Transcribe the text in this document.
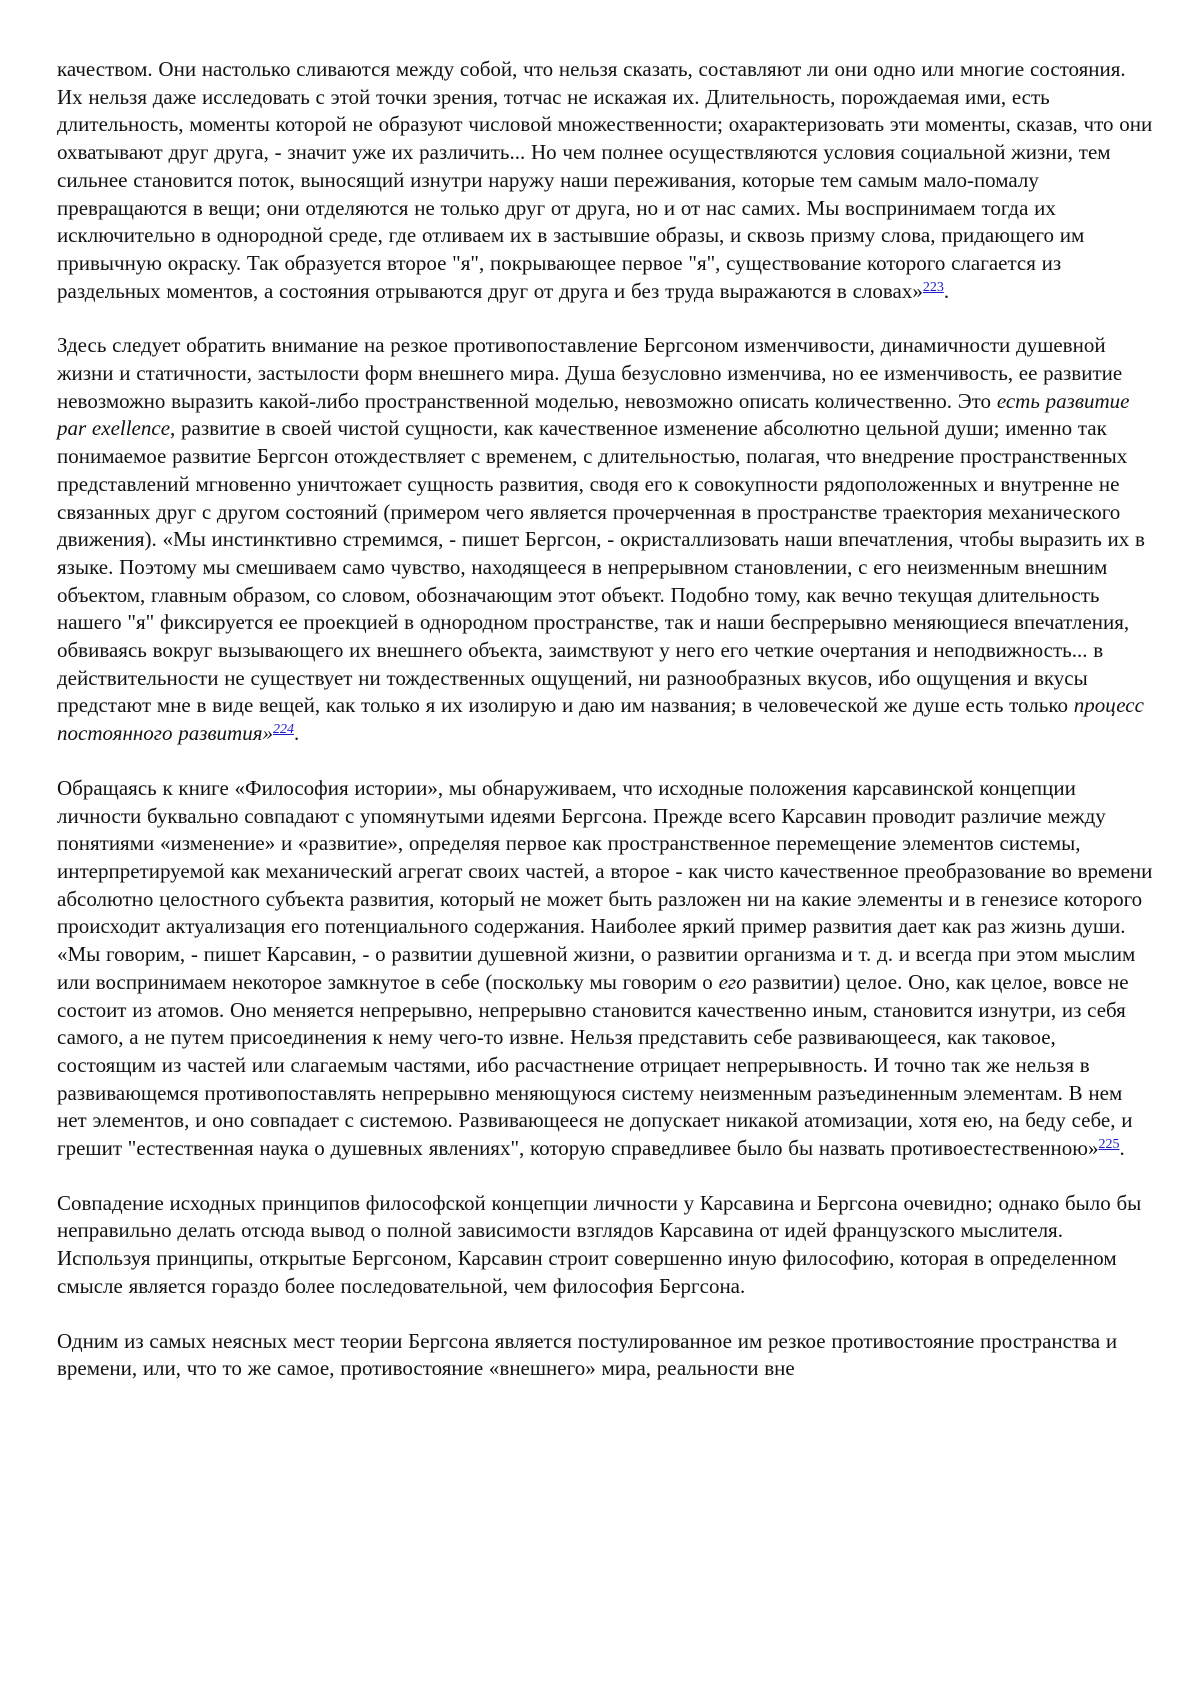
качеством. Они настолько сливаются между собой, что нельзя сказать, составляют ли они одно или многие состояния. Их нельзя даже исследовать с этой точки зрения, тотчас не искажая их. Длительность, порождаемая ими, есть длительность, моменты которой не образуют числовой множественности; охарактеризовать эти моменты, сказав, что они охватывают друг друга, - значит уже их различить... Но чем полнее осуществляются условия социальной жизни, тем сильнее становится поток, выносящий изнутри наружу наши переживания, которые тем самым мало-помалу превращаются в вещи; они отделяются не только друг от друга, но и от нас самих. Мы воспринимаем тогда их исключительно в однородной среде, где отливаем их в застывшие образы, и сквозь призму слова, придающего им привычную окраску. Так образуется второе "я", покрывающее первое "я", существование которого слагается из раздельных моментов, а состояния отрываются друг от друга и без труда выражаются в словах»$^{223}$.

Здесь следует обратить внимание на резкое противопоставление Бергсоном изменчивости, динамичности душевной жизни и статичности, застылости форм внешнего мира. Душа безусловно изменчива, но ее изменчивость, ее развитие невозможно выразить какой-либо пространственной моделью, невозможно описать количественно. Это есть развитие par exellence, развитие в своей чистой сущности, как качественное изменение абсолютно цельной души; именно так понимаемое развитие Бергсон отождествляет с временем, с длительностью, полагая, что внедрение пространственных представлений мгновенно уничтожает сущность развития, сводя его к совокупности рядоположенных и внутренне не связанных друг с другом состояний (примером чего является прочерченная в пространстве траектория механического движения). «Мы инстинктивно стремимся, - пишет Бергсон, - окристаллизовать наши впечатления, чтобы выразить их в языке. Поэтому мы смешиваем само чувство, находящееся в непрерывном становлении, с его неизменным внешним объектом, главным образом, со словом, обозначающим этот объект. Подобно тому, как вечно текущая длительность нашего "я" фиксируется ее проекцией в однородном пространстве, так и наши беспрерывно меняющиеся впечатления, обвиваясь вокруг вызывающего их внешнего объекта, заимствуют у него его четкие очертания и неподвижность... в действительности не существует ни тождественных ощущений, ни разнообразных вкусов, ибо ощущения и вкусы предстают мне в виде вещей, как только я их изолирую и даю им названия; в человеческой же душе есть только процесс постоянного развития»$^{224}$.

Обращаясь к книге «Философия истории», мы обнаруживаем, что исходные положения карсавинской концепции личности буквально совпадают с упомянутыми идеями Бергсона. Прежде всего Карсавин проводит различие между понятиями «изменение» и «развитие», определяя первое как пространственное перемещение элементов системы, интерпретируемой как механический агрегат своих частей, а второе - как чисто качественное преобразование во времени абсолютно целостного субъекта развития, который не может быть разложен ни на какие элементы и в генезисе которого происходит актуализация его потенциального содержания. Наиболее яркий пример развития дает как раз жизнь души. «Мы говорим, - пишет Карсавин, - о развитии душевной жизни, о развитии организма и т. д. и всегда при этом мыслим или воспринимаем некоторое замкнутое в себе (поскольку мы говорим о его развитии) целое. Оно, как целое, вовсе не состоит из атомов. Оно меняется непрерывно, непрерывно становится качественно иным, становится изнутри, из себя самого, а не путем присоединения к нему чего-то извне. Нельзя представить себе развивающееся, как таковое, состоящим из частей или слагаемым частями, ибо расчастнение отрицает непрерывность. И точно так же нельзя в развивающемся противопоставлять непрерывно меняющуюся систему неизменным разъединенным элементам. В нем нет элементов, и оно совпадает с системою. Развивающееся не допускает никакой атомизации, хотя ею, на беду себе, и грешит "естественная наука о душевных явлениях", которую справедливее было бы назвать противоестественною»$^{225}$.

Совпадение исходных принципов философской концепции личности у Карсавина и Бергсона очевидно; однако было бы неправильно делать отсюда вывод о полной зависимости взглядов Карсавина от идей французского мыслителя. Используя принципы, открытые Бергсоном, Карсавин строит совершенно иную философию, которая в определенном смысле является гораздо более последовательной, чем философия Бергсона.

Одним из самых неясных мест теории Бергсона является постулированное им резкое противостояние пространства и времени, или, что то же самое, противостояние «внешнего» мира, реальности вне
